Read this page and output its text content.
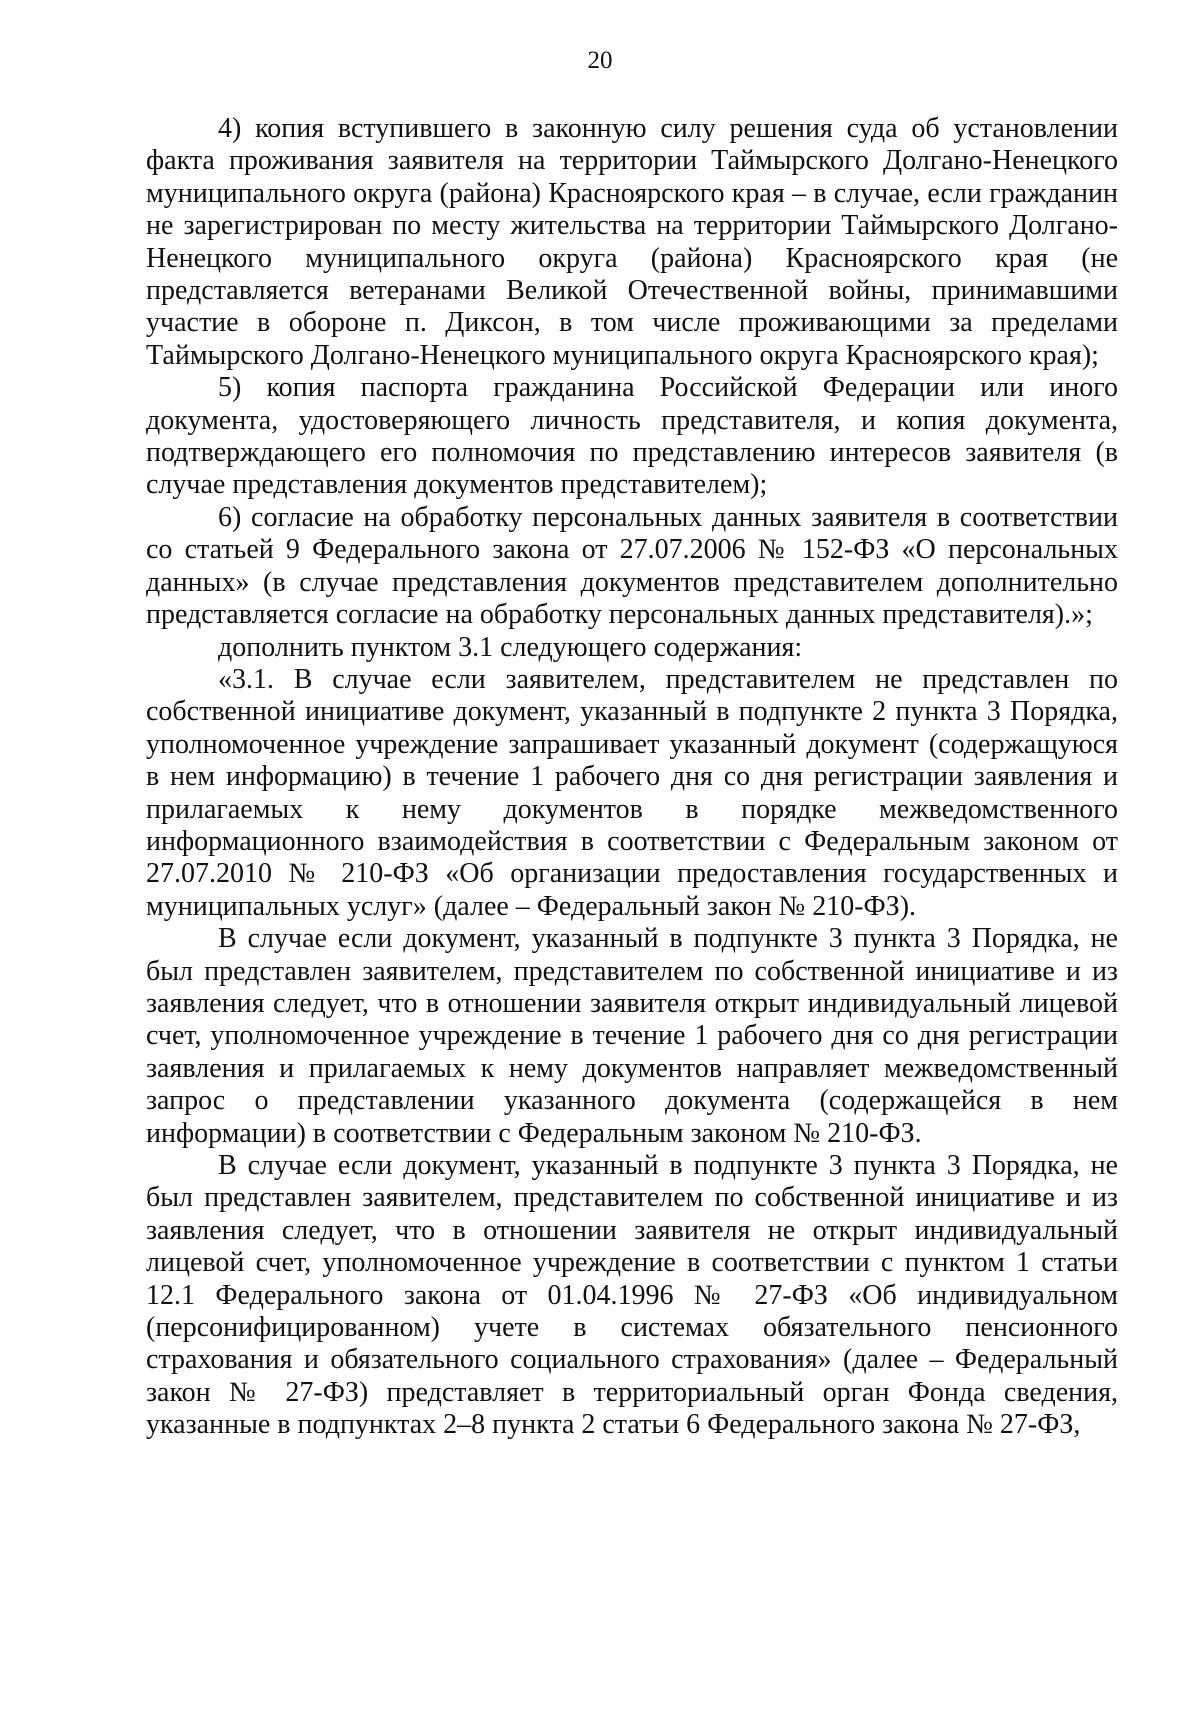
20

4) копия вступившего в законную силу решения суда об установлении факта проживания заявителя на территории Таймырского Долгано-Ненецкого муниципального округа (района) Красноярского края – в случае, если гражданин не зарегистрирован по месту жительства на территории Таймырского Долгано-Ненецкого муниципального округа (района) Красноярского края (не представляется ветеранами Великой Отечественной войны, принимавшими участие в обороне п. Диксон, в том числе проживающими за пределами Таймырского Долгано-Ненецкого муниципального округа Красноярского края);

5) копия паспорта гражданина Российской Федерации или иного документа, удостоверяющего личность представителя, и копия документа, подтверждающего его полномочия по представлению интересов заявителя (в случае представления документов представителем);

6) согласие на обработку персональных данных заявителя в соответствии со статьей 9 Федерального закона от 27.07.2006 № 152-ФЗ «О персональных данных» (в случае представления документов представителем дополнительно представляется согласие на обработку персональных данных представителя).»;

дополнить пунктом 3.1 следующего содержания:

«3.1. В случае если заявителем, представителем не представлен по собственной инициативе документ, указанный в подпункте 2 пункта 3 Порядка, уполномоченное учреждение запрашивает указанный документ (содержащуюся в нем информацию) в течение 1 рабочего дня со дня регистрации заявления и прилагаемых к нему документов в порядке межведомственного информационного взаимодействия в соответствии с Федеральным законом от 27.07.2010 № 210-ФЗ «Об организации предоставления государственных и муниципальных услуг» (далее – Федеральный закон № 210-ФЗ).

В случае если документ, указанный в подпункте 3 пункта 3 Порядка, не был представлен заявителем, представителем по собственной инициативе и из заявления следует, что в отношении заявителя открыт индивидуальный лицевой счет, уполномоченное учреждение в течение 1 рабочего дня со дня регистрации заявления и прилагаемых к нему документов направляет межведомственный запрос о представлении указанного документа (содержащейся в нем информации) в соответствии с Федеральным законом № 210-ФЗ.

В случае если документ, указанный в подпункте 3 пункта 3 Порядка, не был представлен заявителем, представителем по собственной инициативе и из заявления следует, что в отношении заявителя не открыт индивидуальный лицевой счет, уполномоченное учреждение в соответствии с пунктом 1 статьи 12.1 Федерального закона от 01.04.1996 № 27-ФЗ «Об индивидуальном (персонифицированном) учете в системах обязательного пенсионного страхования и обязательного социального страхования» (далее – Федеральный закон № 27-ФЗ) представляет в территориальный орган Фонда сведения, указанные в подпунктах 2–8 пункта 2 статьи 6 Федерального закона № 27-ФЗ,
